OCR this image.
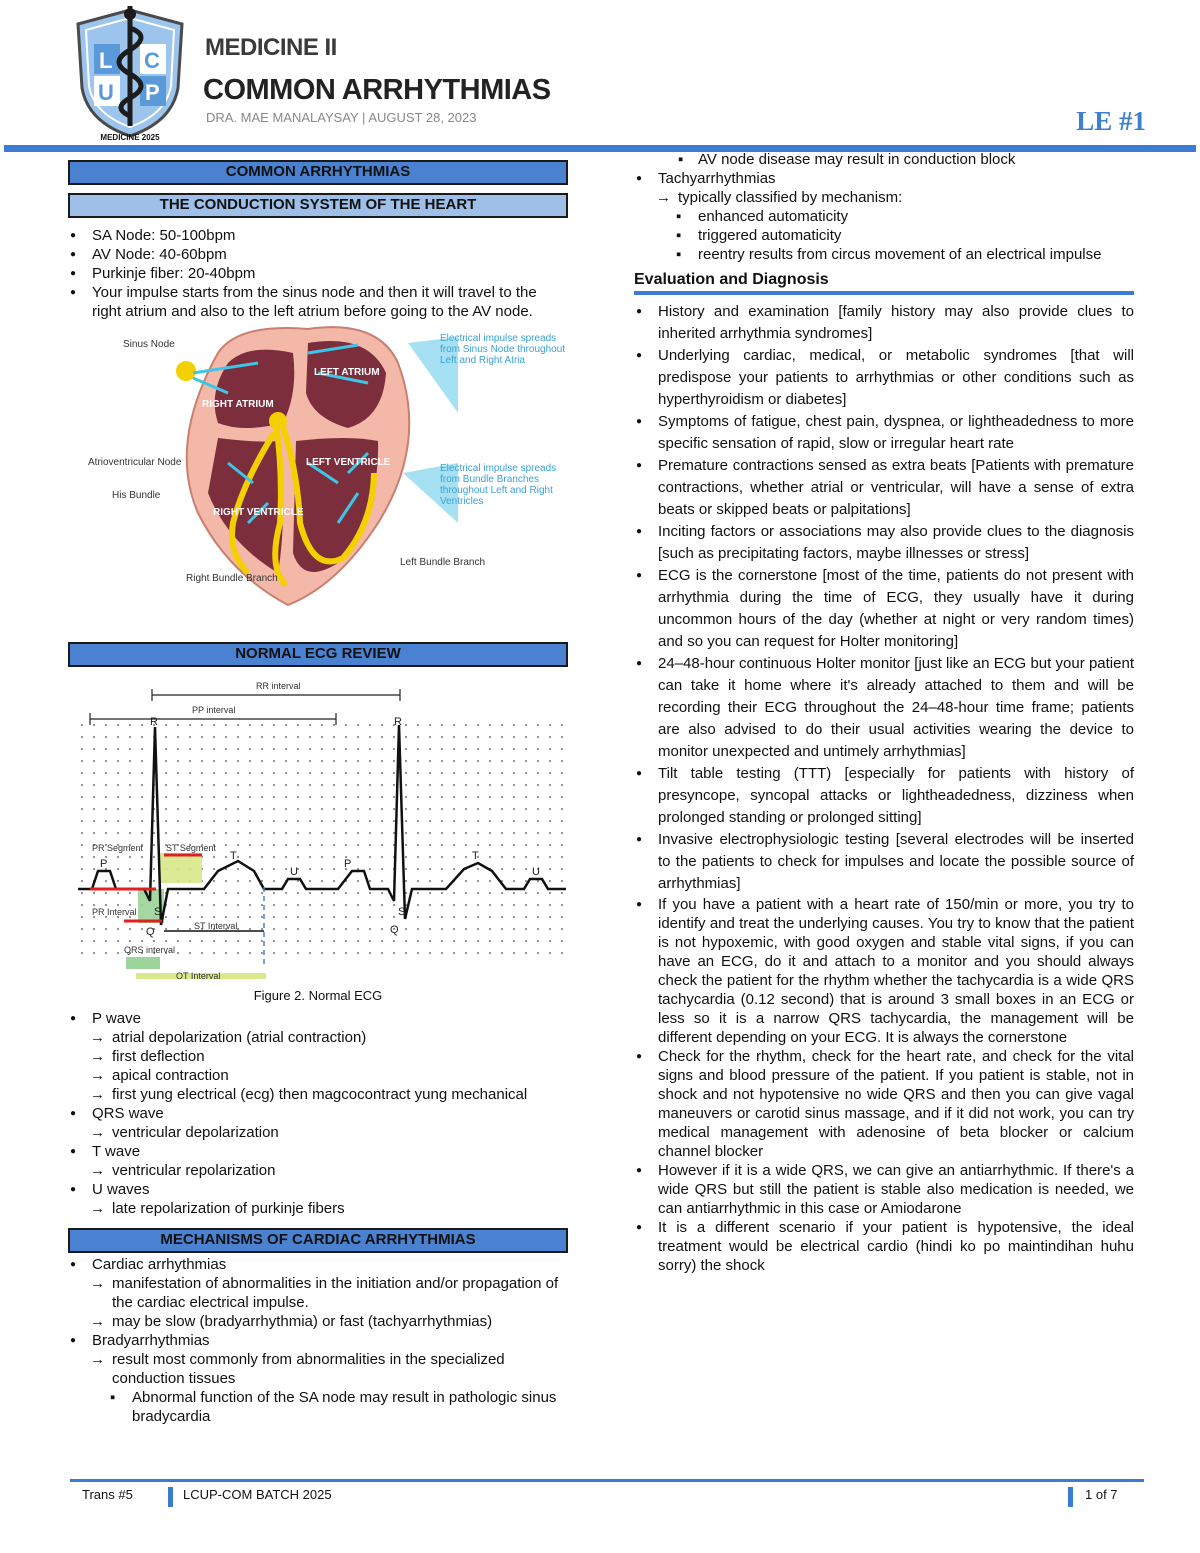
L C
U P
MEDICINE 2025
MEDICINE II
COMMON ARRHYTHMIAS
DRA. MAE MANALAYSAY | AUGUST 28, 2023	LE #1
COMMON ARRHYTHMIAS
THE CONDUCTION SYSTEM OF THE HEART
● SA Node: 50-100bpm
● AV Node: 40-60bpm
● Purkinje fiber: 20-40bpm
● Your impulse starts from the sinus node and then it will travel to the right atrium and also to the left atrium before going to the AV node.
Sinus Node
Atrioventricular Node
His Bundle
Right Bundle Branch
Left Bundle Branch
RIGHT ATRIUM
LEFT ATRIUM
LEFT VENTRICLE
RIGHT VENTRICLE
Electrical impulse spreads from Sinus Node throughout Left and Right Atria
Electrical impulse spreads from Bundle Branches throughout Left and Right Ventricles
NORMAL ECG REVIEW
RR interval
PP interval
PR Segment	ST Segment
PR Interval
ST Interval
QRS interval
QT Interval
R	R
P	P
T	T
U	U
Q	Q
S	S
Figure 2. Normal ECG
● P wave
→ atrial depolarization (atrial contraction)
→ first deflection
→ apical contraction
→ first yung electrical (ecg) then magcocontract yung mechanical
● QRS wave
→ ventricular depolarization
● T wave
→ ventricular repolarization
● U waves
→ late repolarization of purkinje fibers
MECHANISMS OF CARDIAC ARRHYTHMIAS
● Cardiac arrhythmias
→ manifestation of abnormalities in the initiation and/or propagation of the cardiac electrical impulse.
→ may be slow (bradyarrhythmia) or fast (tachyarrhythmias)
● Bradyarrhythmias
→ result most commonly from abnormalities in the specialized conduction tissues
▪ Abnormal function of the SA node may result in pathologic sinus bradycardia
▪ AV node disease may result in conduction block
● Tachyarrhythmias
→ typically classified by mechanism:
▪ enhanced automaticity
▪ triggered automaticity
▪ reentry results from circus movement of an electrical impulse
Evaluation and Diagnosis
● History and examination [family history may also provide clues to inherited arrhythmia syndromes]
● Underlying cardiac, medical, or metabolic syndromes [that will predispose your patients to arrhythmias or other conditions such as hyperthyroidism or diabetes]
● Symptoms of fatigue, chest pain, dyspnea, or lightheadedness to more specific sensation of rapid, slow or irregular heart rate
● Premature contractions sensed as extra beats [Patients with premature contractions, whether atrial or ventricular, will have a sense of extra beats or skipped beats or palpitations]
● Inciting factors or associations may also provide clues to the diagnosis [such as precipitating factors, maybe illnesses or stress]
● ECG is the cornerstone [most of the time, patients do not present with arrhythmia during the time of ECG, they usually have it during uncommon hours of the day (whether at night or very random times) and so you can request for Holter monitoring]
● 24–48-hour continuous Holter monitor [just like an ECG but your patient can take it home where it's already attached to them and will be recording their ECG throughout the 24–48-hour time frame; patients are also advised to do their usual activities wearing the device to monitor unexpected and untimely arrhythmias]
● Tilt table testing (TTT) [especially for patients with history of presyncope, syncopal attacks or lightheadedness, dizziness when prolonged standing or prolonged sitting]
● Invasive electrophysiologic testing [several electrodes will be inserted to the patients to check for impulses and locate the possible source of arrhythmias]
● If you have a patient with a heart rate of 150/min or more, you try to identify and treat the underlying causes. You try to know that the patient is not hypoxemic, with good oxygen and stable vital signs, if you can have an ECG, do it and attach to a monitor and you should always check the patient for the rhythm whether the tachycardia is a wide QRS tachycardia (0.12 second) that is around 3 small boxes in an ECG or less so it is a narrow QRS tachycardia, the management will be different depending on your ECG. It is always the cornerstone
● Check for the rhythm, check for the heart rate, and check for the vital signs and blood pressure of the patient. If you patient is stable, not in shock and not hypotensive no wide QRS and then you can give vagal maneuvers or carotid sinus massage, and if it did not work, you can try medical management with adenosine of beta blocker or calcium channel blocker
● However if it is a wide QRS, we can give an antiarrhythmic. If there's a wide QRS but still the patient is stable also medication is needed, we can antiarrhythmic in this case or Amiodarone
● It is a different scenario if your patient is hypotensive, the ideal treatment would be electrical cardio (hindi ko po maintindihan huhu sorry) the shock
Trans #5	LCUP-COM BATCH 2025	1 of 7
